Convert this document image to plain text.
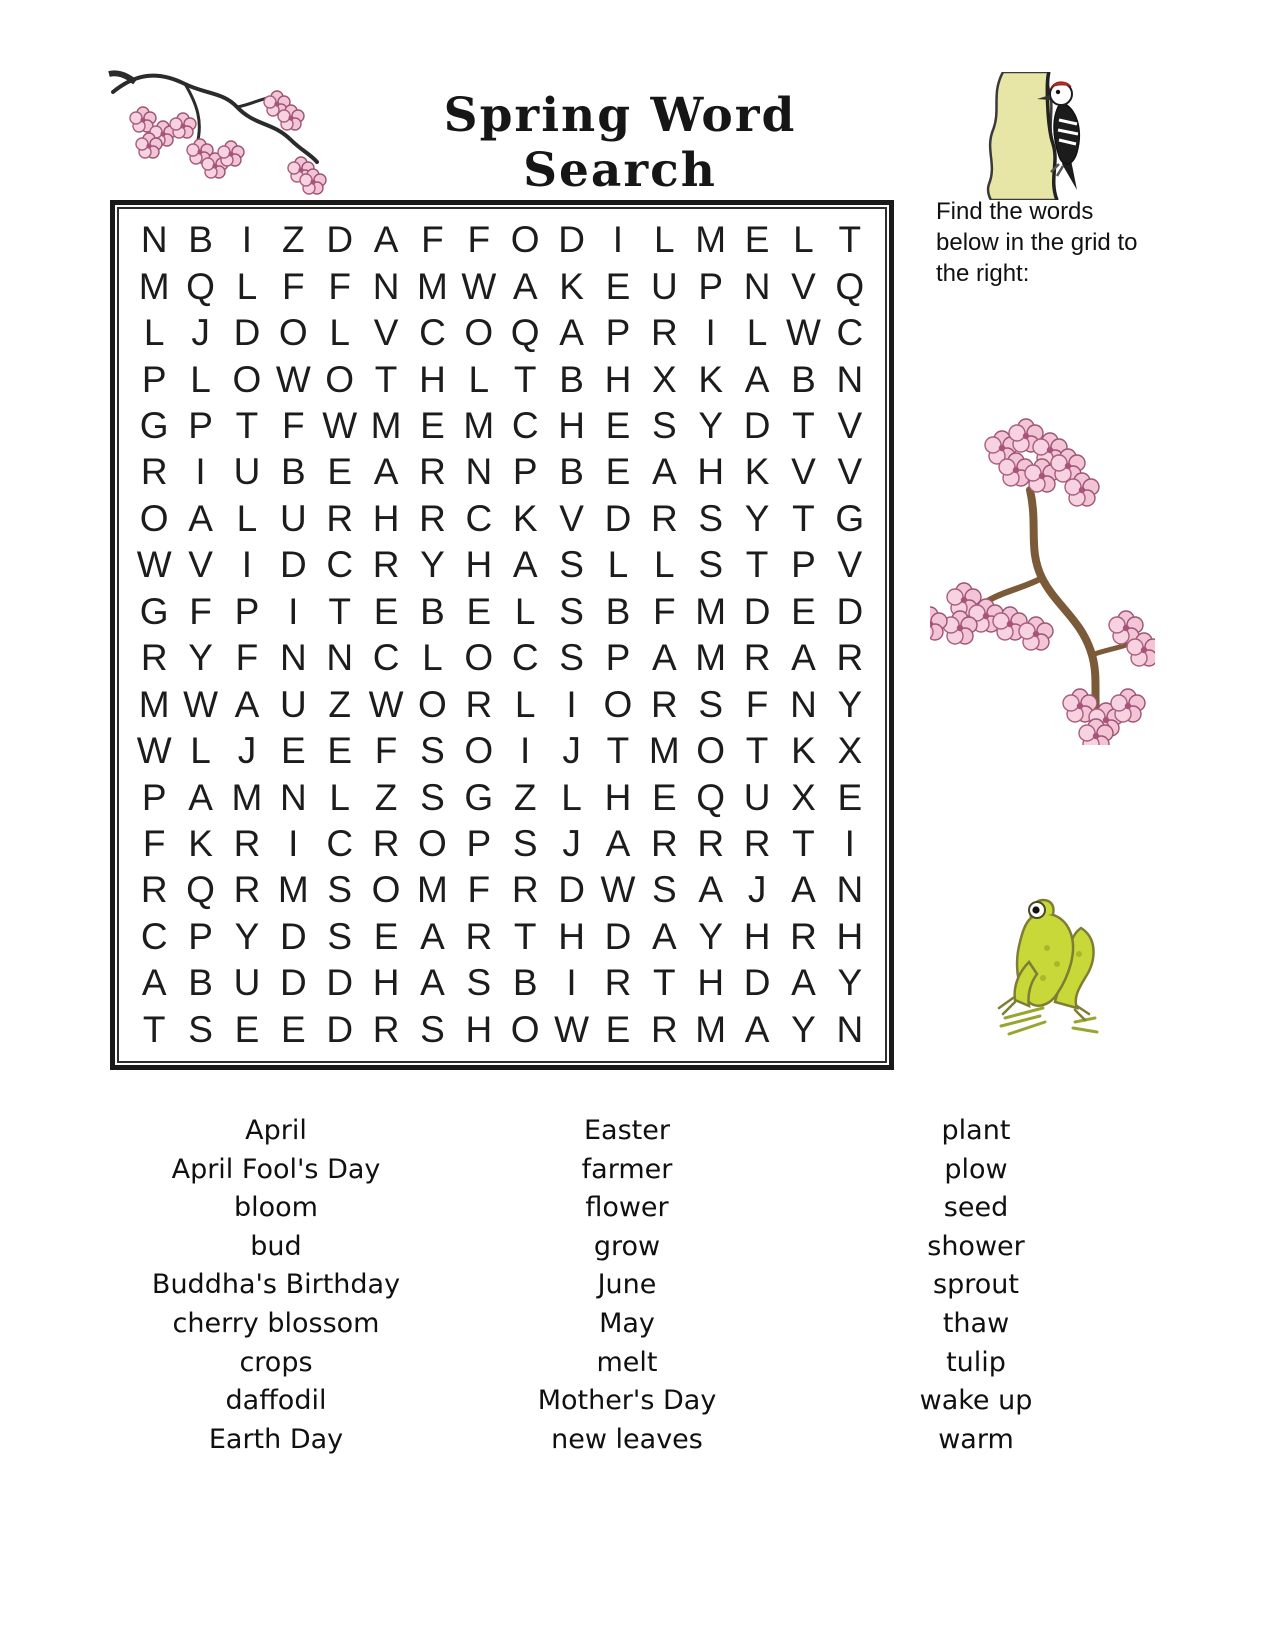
Spring Word Search
Find the words below in the grid to the right:
N B I Z D A F F O D I L M E L T
M Q L F F N M W A K E U P N V Q
L J D O L V C O Q A P R I L W C
P L O W O T H L T B H X K A B N
G P T F W M E M C H E S Y D T V
R I U B E A R N P B E A H K V V
O A L U R H R C K V D R S Y T G
W V I D C R Y H A S L L S T P V
G F P I T E B E L S B F M D E D
R Y F N N C L O C S P A M R A R
M W A U Z W O R L I O R S F N Y
W L J E E F S O I J T M O T K X
P A M N L Z S G Z L H E Q U X E
F K R I C R O P S J A R R R T I
R Q R M S O M F R D W S A J A N
C P Y D S E A R T H D A Y H R H
A B U D D H A S B I R T H D A Y
T S E E D R S H O W E R M A Y N
April
April Fool's Day
bloom
bud
Buddha's Birthday
cherry blossom
crops
daffodil
Earth Day
Easter
farmer
flower
grow
June
May
melt
Mother's Day
new leaves
plant
plow
seed
shower
sprout
thaw
tulip
wake up
warm
